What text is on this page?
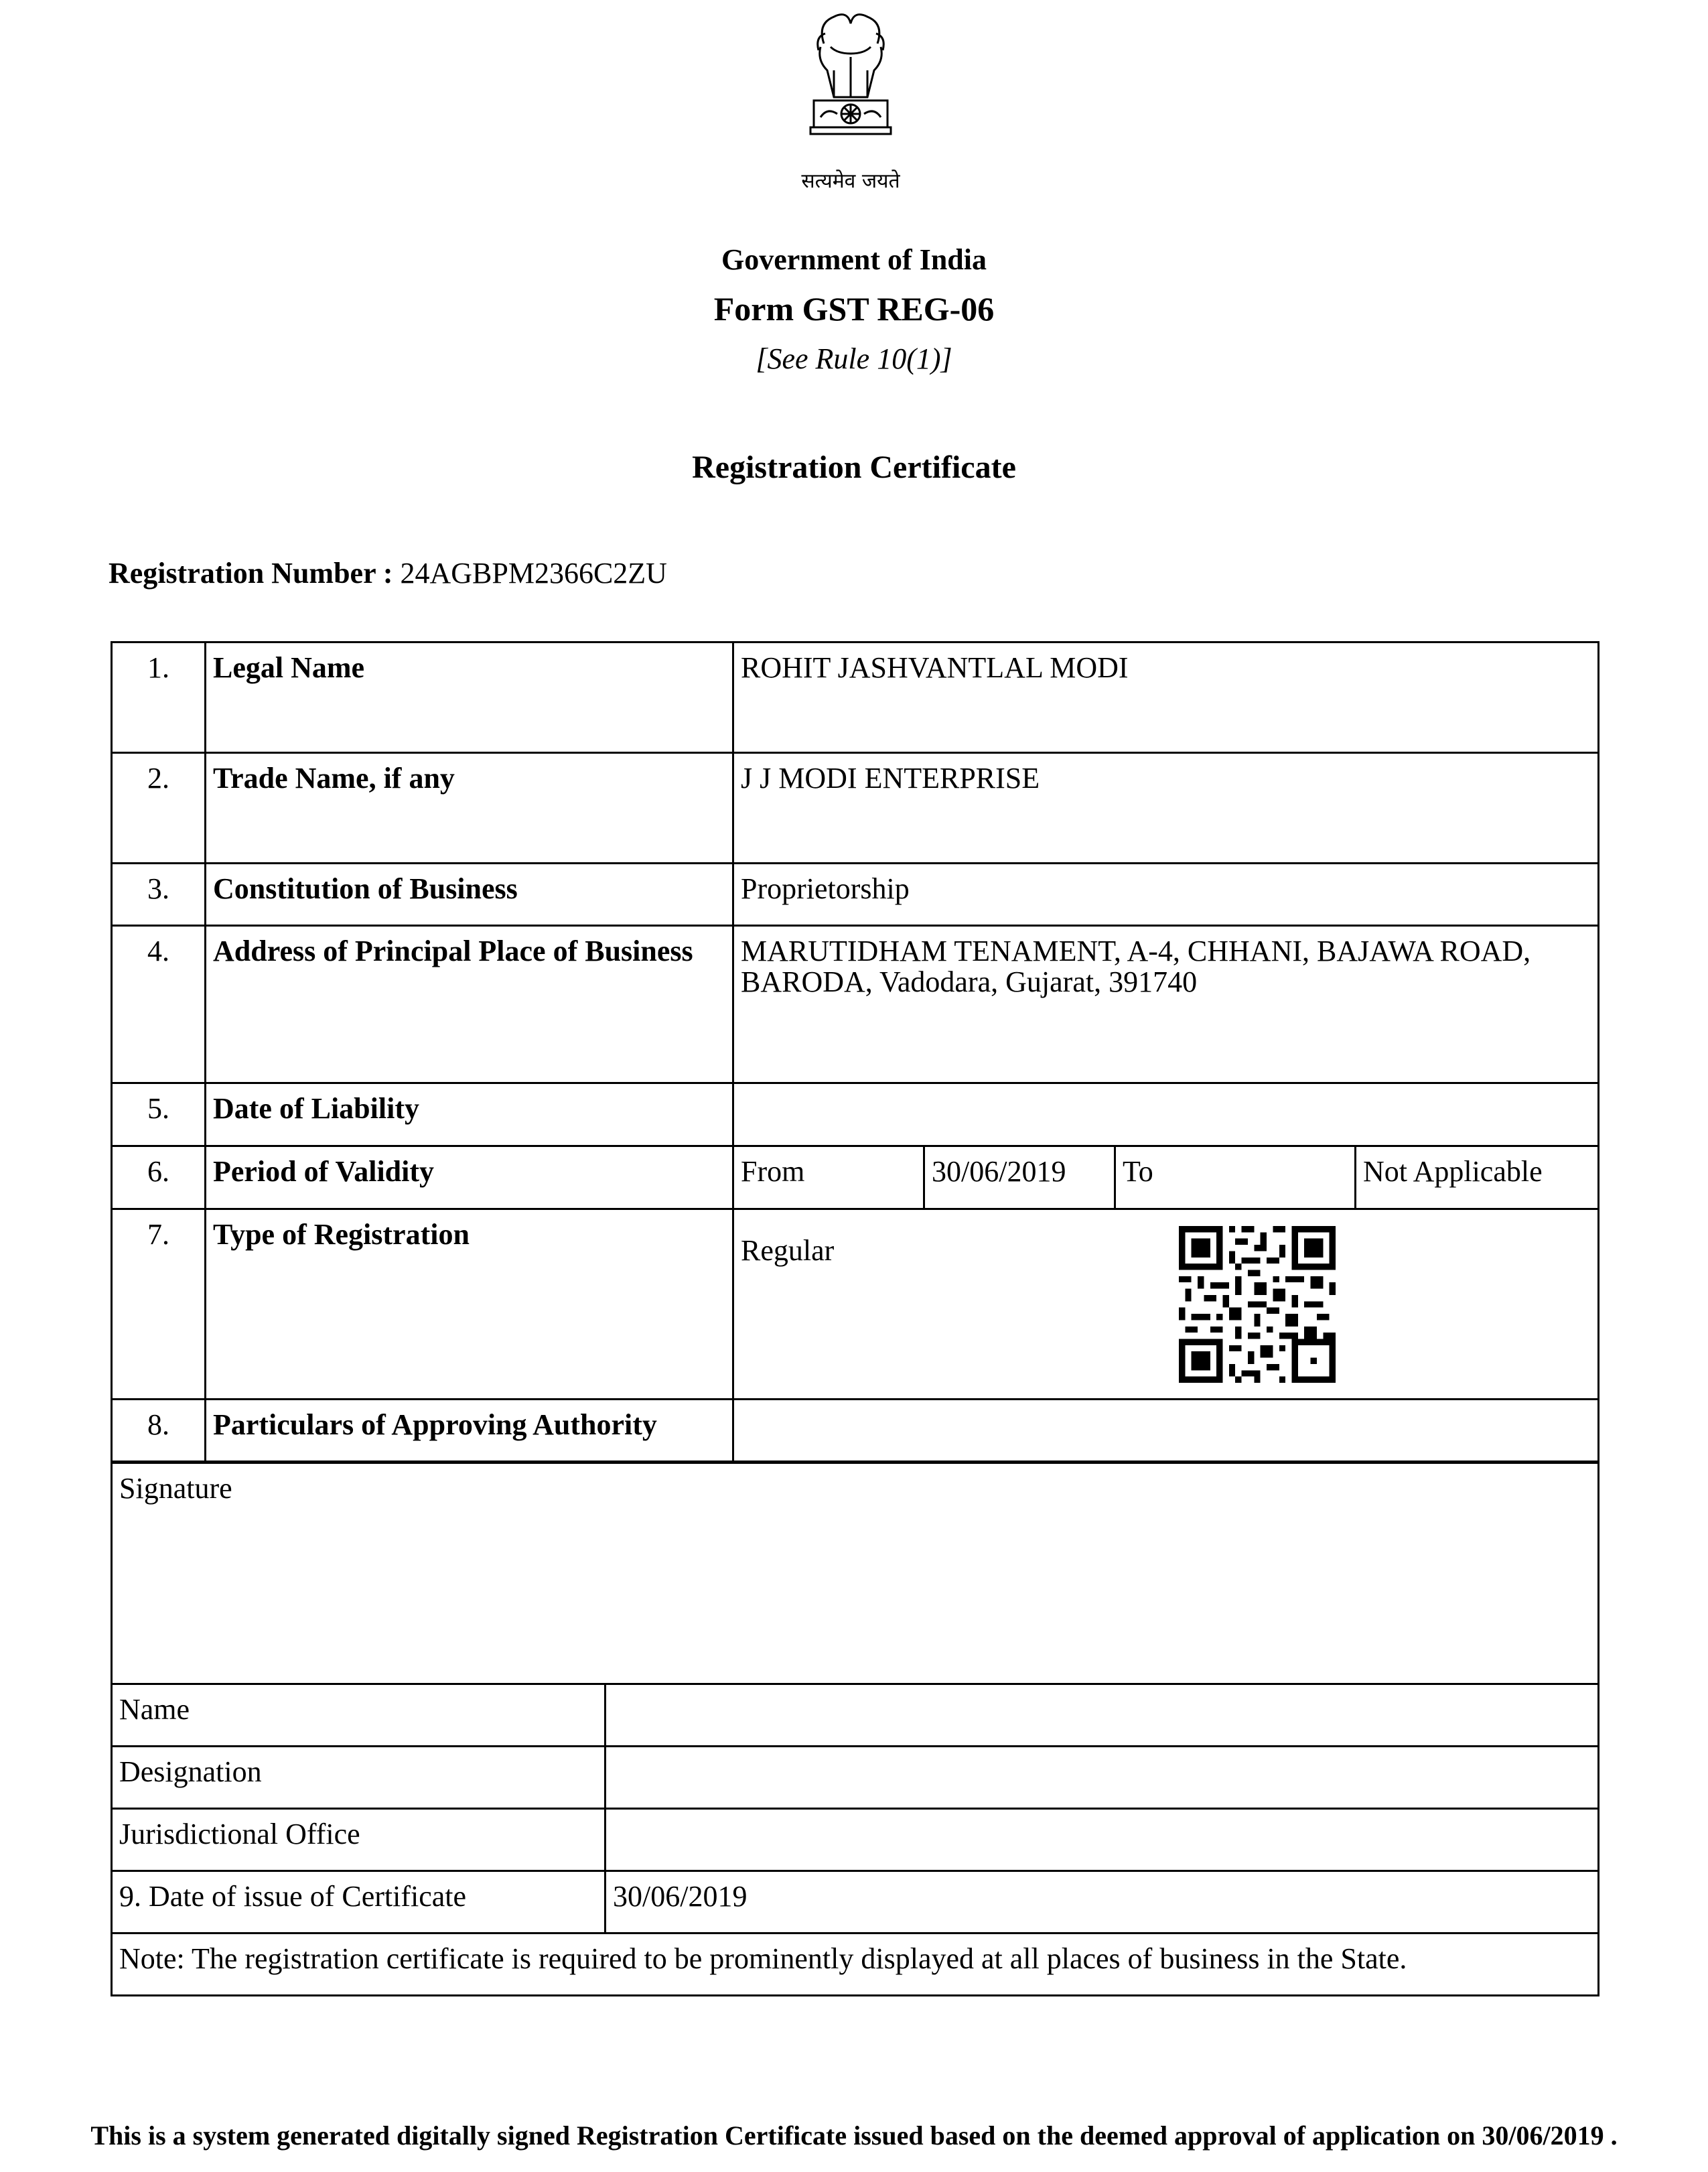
सत्यमेव जयते
Government of India
Form GST REG-06
[See Rule 10(1)]
Registration Certificate
Registration Number : 24AGBPM2366C2ZU
1.	Legal Name	ROHIT JASHVANTLAL MODI			
2.	Trade Name, if any	J J MODI ENTERPRISE			
3.	Constitution of Business	Proprietorship			
4.	Address of Principal Place of Business	MARUTIDHAM TENAMENT, A-4, CHHANI, BAJAWA ROAD, BARODA, Vadodara, Gujarat, 391740			
5.	Date of Liability				
6.	Period of Validity	From	30/06/2019	To	Not Applicable
7.	Type of Registration	Regular			
8.	Particulars of Approving Authority				
Signature	
Name	
Designation	
Jurisdictional Office	
9. Date of issue of Certificate	30/06/2019
Note: The registration certificate is required to be prominently displayed at all places of business in the State.	
This is a system generated digitally signed Registration Certificate issued based on the deemed approval of application on 30/06/2019 .
